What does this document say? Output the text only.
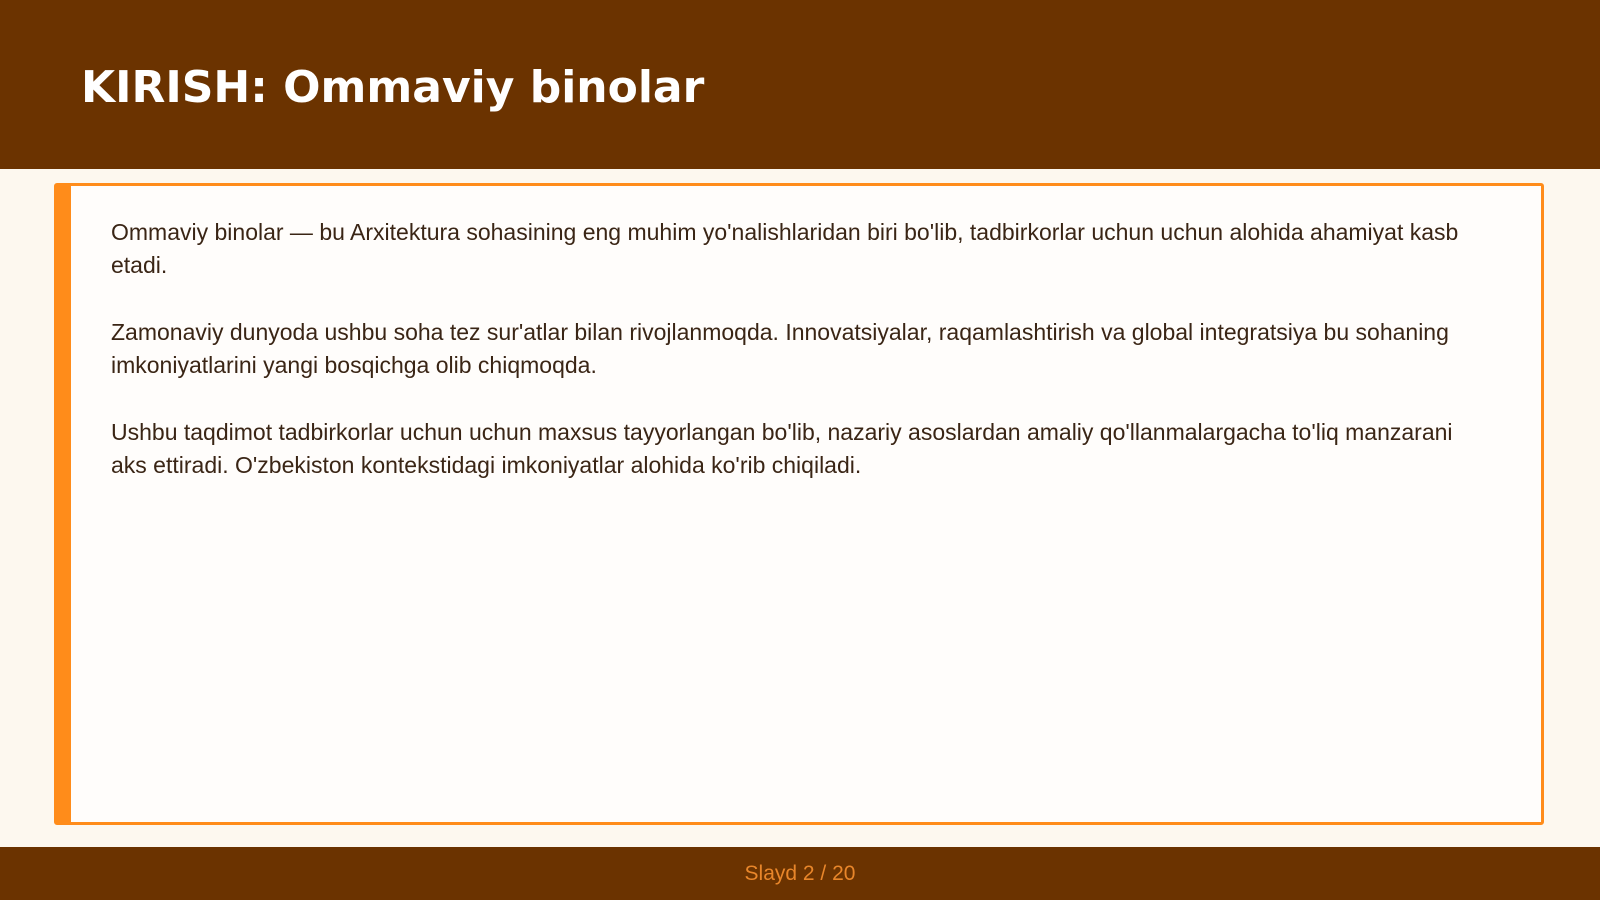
KIRISH: Ommaviy binolar

Ommaviy binolar — bu Arxitektura sohasining eng muhim yo'nalishlaridan biri bo'lib, tadbirkorlar uchun uchun alohida ahamiyat kasb etadi.

Zamonaviy dunyoda ushbu soha tez sur'atlar bilan rivojlanmoqda. Innovatsiyalar, raqamlashtirish va global integratsiya bu sohaning imkoniyatlarini yangi bosqichga olib chiqmoqda.

Ushbu taqdimot tadbirkorlar uchun uchun maxsus tayyorlangan bo'lib, nazariy asoslardan amaliy qo'llanmalargacha to'liq manzarani aks ettiradi. O'zbekiston kontekstidagi imkoniyatlar alohida ko'rib chiqiladi.

Slayd 2 / 20
